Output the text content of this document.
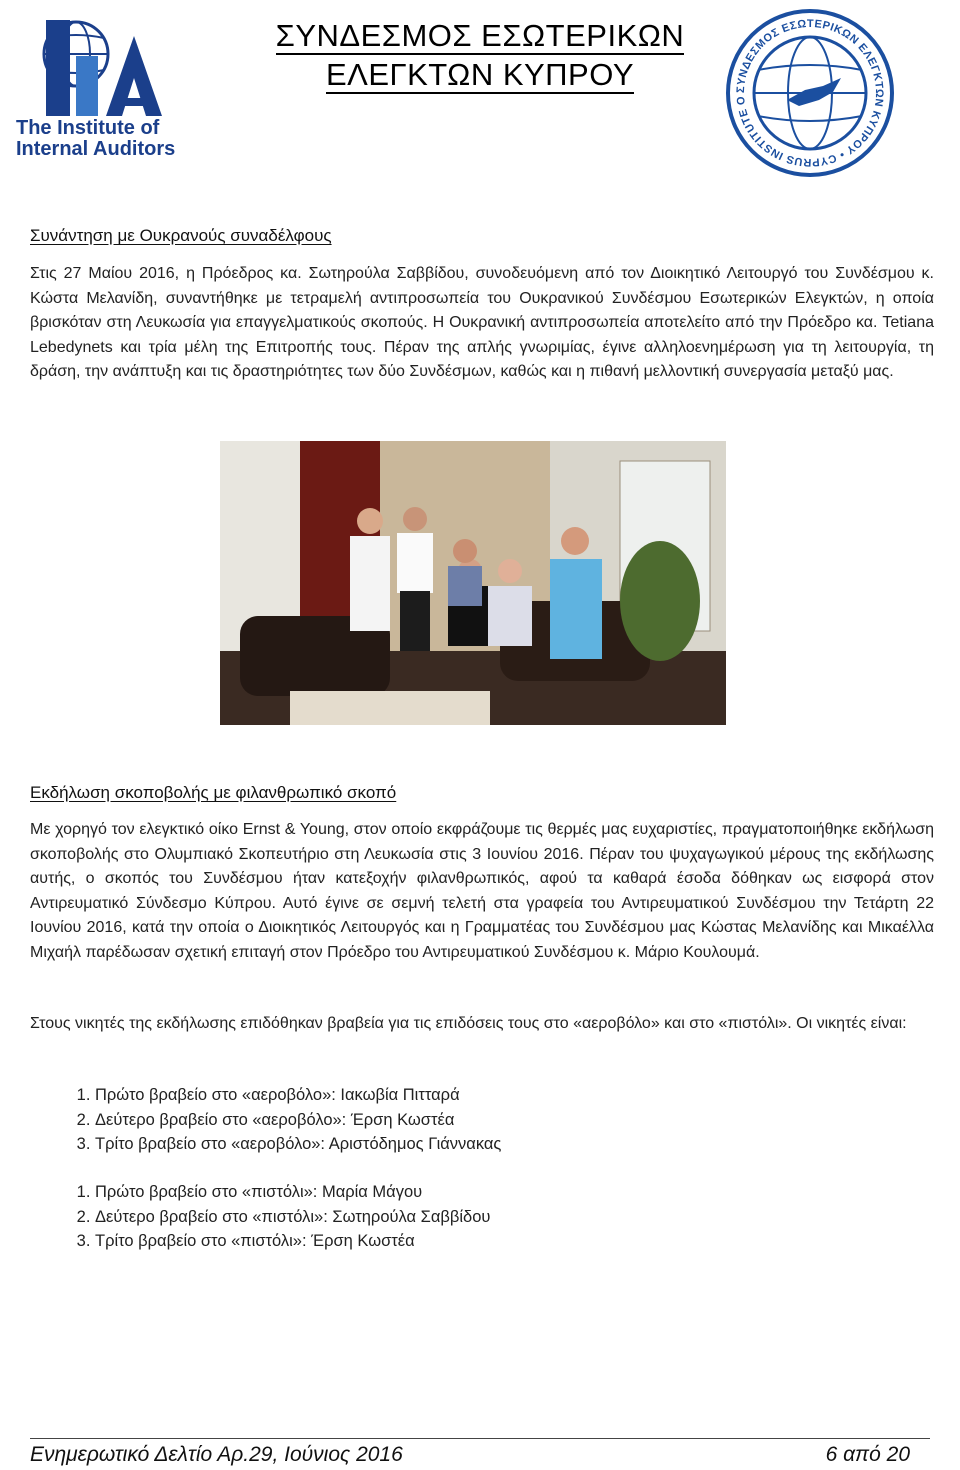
The Institute of
Internal Auditors
ΣΥΝΔΕΣΜΟΣ ΕΣΩΤΕΡΙΚΩΝ
ΕΛΕΓΚΤΩΝ ΚΥΠΡΟΥ	ΣΥΝΔΕΣΜΟΣ ΕΣΩΤΕΡΙΚΩΝ ΕΛΕΓΚΤΩΝ ΚΥΠΡΟΥ • CYPRUS INSTITUTE O
Συνάντηση με Ουκρανούς συναδέλφους
Στις 27 Μαίου 2016, η Πρόεδρος κα. Σωτηρούλα Σαββίδου, συνοδευόμενη από τον Διοικητικό Λειτουργό του Συνδέσμου κ. Κώστα Μελανίδη, συναντήθηκε με τετραμελή αντιπροσωπεία του Ουκρανικού Συνδέσμου Εσωτερικών Ελεγκτών, η οποία βρισκόταν στη Λευκωσία για επαγγελματικούς σκοπούς. Η Ουκρανική αντιπροσωπεία αποτελείτο από την Πρόεδρο κα. Tetiana Lebedynets και τρία μέλη της Επιτροπής τους. Πέραν της απλής γνωριμίας, έγινε αλληλοενημέρωση για τη λειτουργία, τη δράση, την ανάπτυξη και τις δραστηριότητες των δύο Συνδέσμων, καθώς και η πιθανή μελλοντική συνεργασία μεταξύ μας.
Εκδήλωση σκοποβολής με φιλανθρωπικό σκοπό
Με χορηγό τον ελεγκτικό οίκο Ernst & Young, στον οποίο εκφράζουμε τις θερμές μας ευχαριστίες, πραγματοποιήθηκε εκδήλωση σκοποβολής στο Ολυμπιακό Σκοπευτήριο στη Λευκωσία στις 3 Ιουνίου 2016. Πέραν του ψυχαγωγικού μέρους της εκδήλωσης αυτής, ο σκοπός του Συνδέσμου ήταν κατεξοχήν φιλανθρωπικός, αφού τα καθαρά έσοδα δόθηκαν ως εισφορά στον Αντιρευματικό Σύνδεσμο Κύπρου. Αυτό έγινε σε σεμνή τελετή στα γραφεία του Αντιρευματικού Συνδέσμου την Τετάρτη 22 Ιουνίου 2016, κατά την οποία ο Διοικητικός Λειτουργός και η Γραμματέας του Συνδέσμου μας Κώστας Μελανίδης και Μικαέλλα Μιχαήλ παρέδωσαν σχετική επιταγή στον Πρόεδρο του Αντιρευματικού Συνδέσμου κ. Μάριο Κουλουμά.
Στους νικητές της εκδήλωσης επιδόθηκαν βραβεία για τις επιδόσεις τους στο «αεροβόλο» και στο «πιστόλι». Οι νικητές είναι:
1. Πρώτο βραβείο στο «αεροβόλο»: Ιακωβία Πιτταρά
2. Δεύτερο βραβείο στο «αεροβόλο»: Έρση Κωστέα
3. Τρίτο βραβείο στο «αεροβόλο»: Αριστόδημος Γιάννακας
1. Πρώτο βραβείο στο «πιστόλι»: Μαρία Μάγου
2. Δεύτερο βραβείο στο «πιστόλι»: Σωτηρούλα Σαββίδου
3. Τρίτο βραβείο στο «πιστόλι»: Έρση Κωστέα
Ενημερωτικό Δελτίο Αρ.29, Ιούνιος 2016	6 από 20
